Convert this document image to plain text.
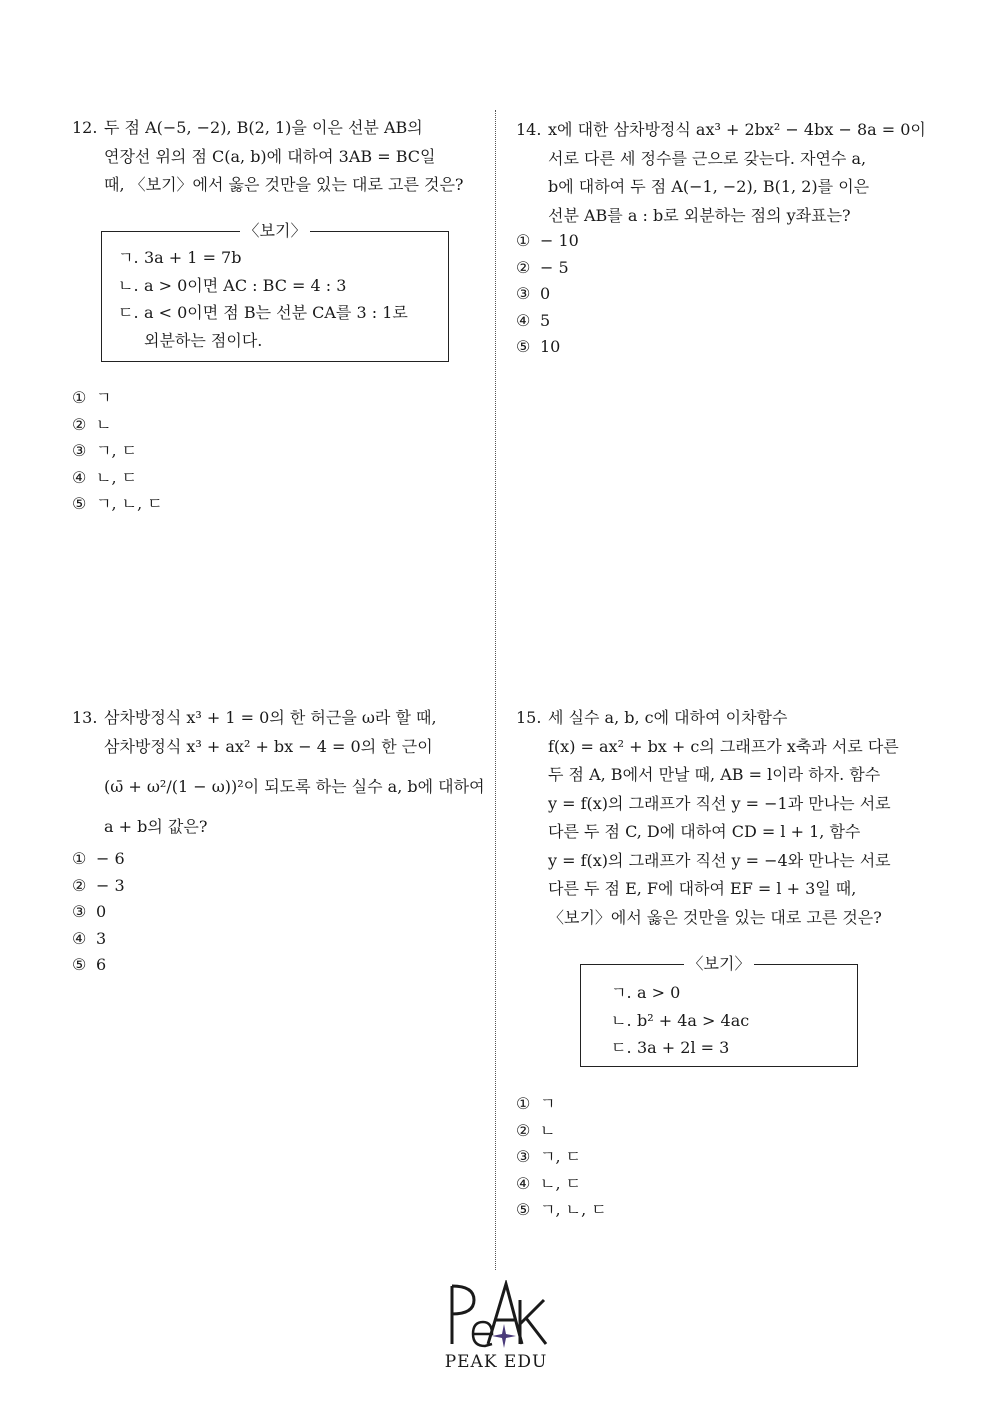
12. 두 점 A(−5, −2), B(2, 1)을 이은 선분 AB의
연장선 위의 점 C(a, b)에 대하여 3AB = BC일
때, 〈보기〉에서 옳은 것만을 있는 대로 고른 것은?
〈보기〉
ㄱ. 3a + 1 = 7b
ㄴ. a > 0이면 AC : BC = 4 : 3
ㄷ. a < 0이면 점 B는 선분 CA를 3 : 1로
외분하는 점이다.
① ㄱ
② ㄴ
③ ㄱ, ㄷ
④ ㄴ, ㄷ
⑤ ㄱ, ㄴ, ㄷ
13. 삼차방정식 x³ + 1 = 0의 한 허근을 ω라 할 때,
삼차방정식 x³ + ax² + bx − 4 = 0의 한 근이
(ω̄ + ω²/(1 − ω))²이 되도록 하는 실수 a, b에 대하여
a + b의 값은?
① − 6
② − 3
③ 0
④ 3
⑤ 6
14. x에 대한 삼차방정식 ax³ + 2bx² − 4bx − 8a = 0이
서로 다른 세 정수를 근으로 갖는다. 자연수 a,
b에 대하여 두 점 A(−1, −2), B(1, 2)를 이은
선분 AB를 a : b로 외분하는 점의 y좌표는?
① − 10
② − 5
③ 0
④ 5
⑤ 10
15. 세 실수 a, b, c에 대하여 이차함수
f(x) = ax² + bx + c의 그래프가 x축과 서로 다른
두 점 A, B에서 만날 때, AB = l이라 하자. 함수
y = f(x)의 그래프가 직선 y = −1과 만나는 서로
다른 두 점 C, D에 대하여 CD = l + 1, 함수
y = f(x)의 그래프가 직선 y = −4와 만나는 서로
다른 두 점 E, F에 대하여 EF = l + 3일 때,
〈보기〉에서 옳은 것만을 있는 대로 고른 것은?
〈보기〉
ㄱ. a > 0
ㄴ. b² + 4a > 4ac
ㄷ. 3a + 2l = 3
① ㄱ
② ㄴ
③ ㄱ, ㄷ
④ ㄴ, ㄷ
⑤ ㄱ, ㄴ, ㄷ
PEAK EDU
